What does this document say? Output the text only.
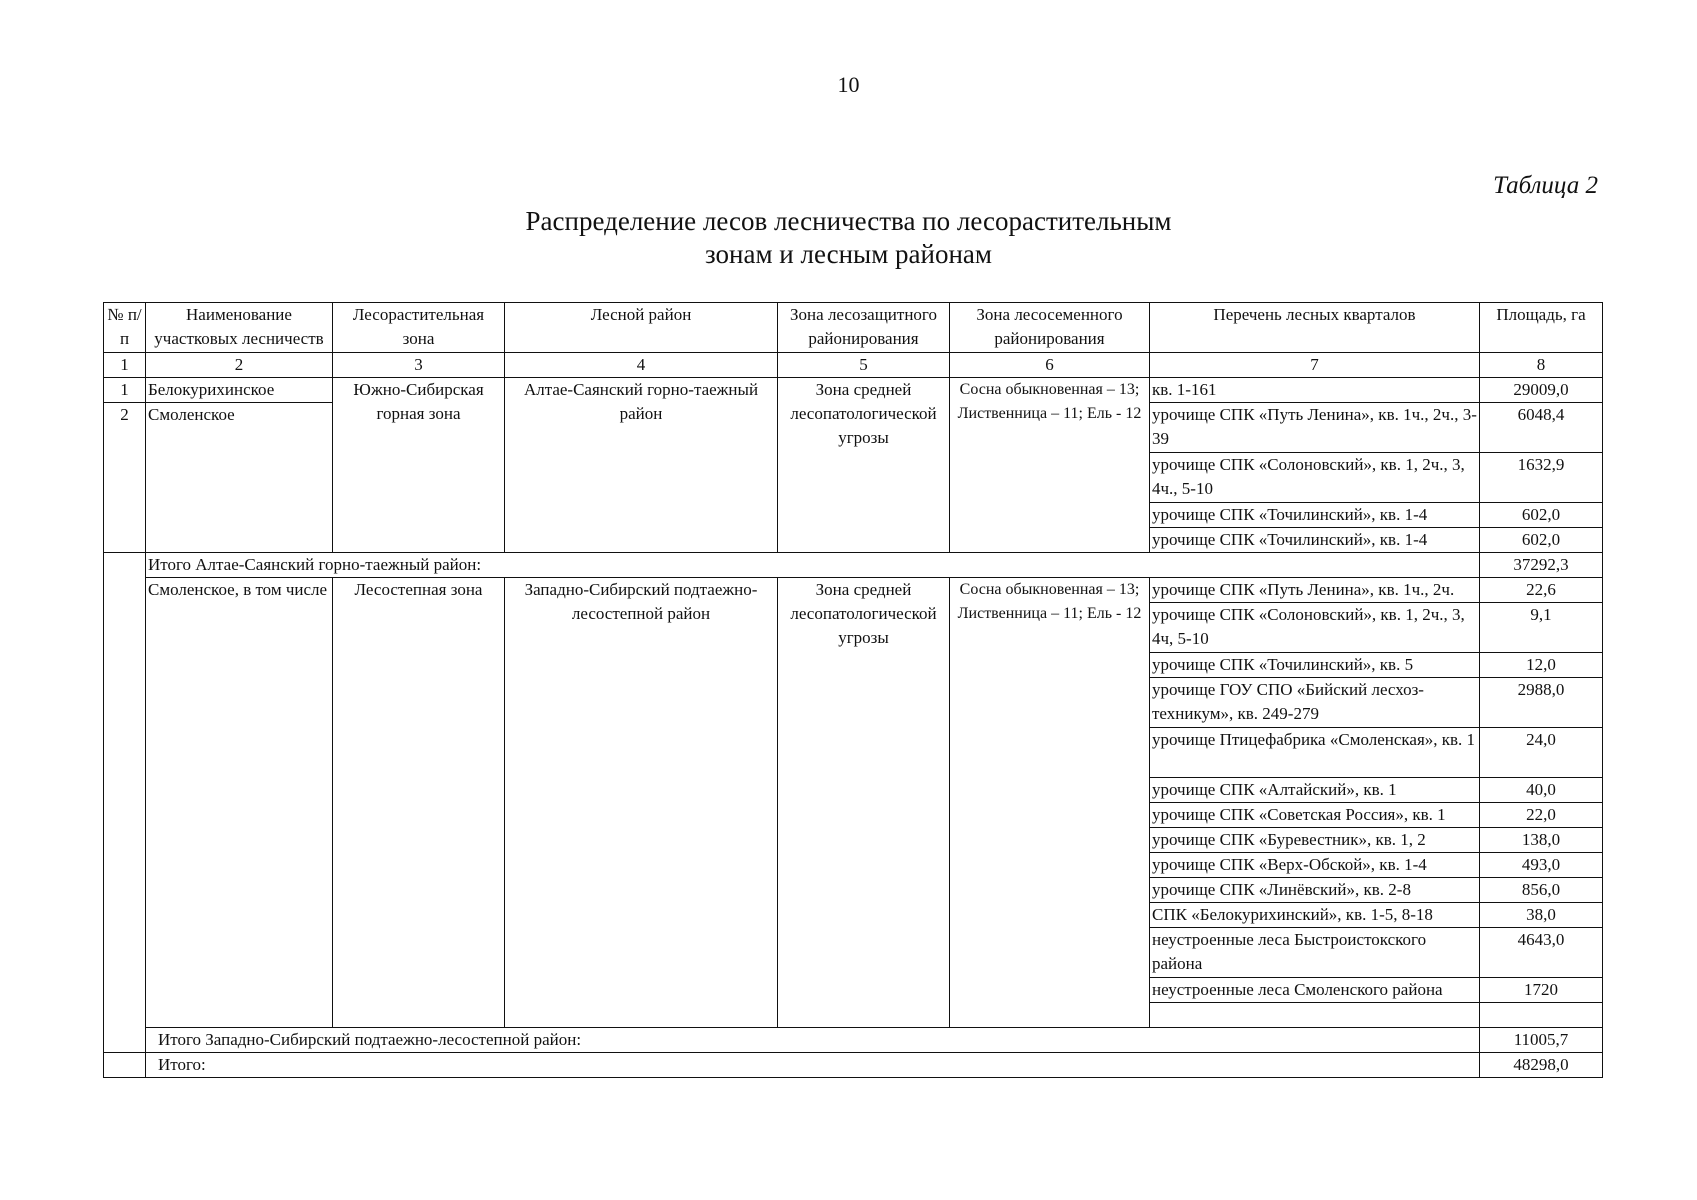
10
Таблица 2
Распределение лесов лесничества по лесорастительным
зонам и лесным районам
№ п/п	Наименование участковых лесничеств	Лесорастительная зона	Лесной район	Зона лесозащитного районирования	Зона лесосеменного районирования	Перечень лесных кварталов	Площадь, га
1	2	3	4	5	6	7	8
1	Белокурихинское	Южно-Сибирская горная зона	Алтае-Саянский горно-таежный район	Зона средней лесопатологической угрозы	Сосна обыкновенная – 13; Лиственница – 11; Ель - 12	кв. 1-161	29009,0
2	Смоленское					урочище СПК «Путь Ленина», кв. 1ч., 2ч., 3-39	6048,4
						урочище СПК «Солоновский», кв. 1, 2ч., 3, 4ч., 5-10	1632,9
						урочище СПК «Точилинский», кв. 1-4	602,0
						урочище СПК «Точилинский», кв. 1-4	602,0
	Итого Алтае-Саянский горно-таежный район:						37292,3
	Смоленское, в том числе	Лесостепная зона	Западно-Сибирский подтаежно-лесостепной район	Зона средней лесопатологической угрозы	Сосна обыкновенная – 13; Лиственница – 11; Ель - 12	урочище СПК «Путь Ленина», кв. 1ч., 2ч.	22,6
						урочище СПК «Солоновский», кв. 1, 2ч., 3, 4ч, 5-10	9,1
						урочище СПК «Точилинский», кв. 5	12,0
						урочище ГОУ СПО «Бийский лесхоз-техникум», кв. 249-279	2988,0
						урочище Птицефабрика «Смоленская», кв. 1	24,0
						урочище СПК «Алтайский», кв. 1	40,0
						урочище СПК «Советская Россия», кв. 1	22,0
						урочище СПК «Буревестник», кв. 1, 2	138,0
						урочище СПК «Верх-Обской», кв. 1-4	493,0
						урочище СПК «Линёвский», кв. 2-8	856,0
						СПК «Белокурихинский», кв. 1-5, 8-18	38,0
						неустроенные леса Быстроистокского района	4643,0
						неустроенные леса Смоленского района	1720

	Итого Западно-Сибирский подтаежно-лесостепной район:						11005,7
	Итого:						48298,0
